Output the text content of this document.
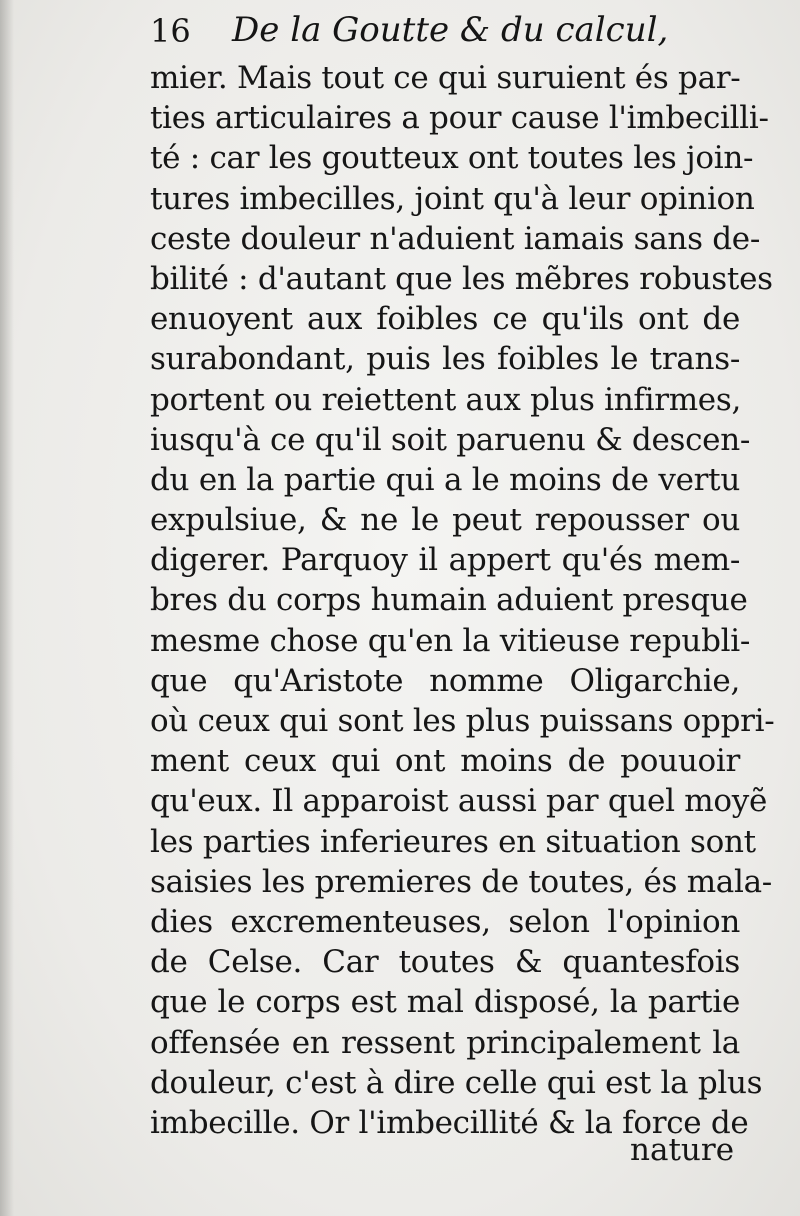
16 De la Goutte & du calcul,
mier. Mais tout ce qui suruient és par-
ties articulaires a pour cause l'imbecilli-
té : car les goutteux ont toutes les join-
tures imbecilles, joint qu'à leur opinion
ceste douleur n'aduient iamais sans de-
bilité : d'autant que les mẽbres robustes
enuoyent aux foibles ce qu'ils ont de
surabondant, puis les foibles le trans-
portent ou reiettent aux plus infirmes,
iusqu'à ce qu'il soit paruenu & descen-
du en la partie qui a le moins de vertu
expulsiue, & ne le peut repousser ou
digerer. Parquoy il appert qu'és mem-
bres du corps humain aduient presque
mesme chose qu'en la vitieuse republi-
que qu'Aristote nomme Oligarchie,
où ceux qui sont les plus puissans oppri-
ment ceux qui ont moins de pouuoir
qu'eux. Il apparoist aussi par quel moyẽ
les parties inferieures en situation sont
saisies les premieres de toutes, és mala-
dies excrementeuses, selon l'opinion
de Celse. Car toutes & quantesfois
que le corps est mal disposé, la partie
offensée en ressent principalement la
douleur, c'est à dire celle qui est la plus
imbecille. Or l'imbecillité & la force de
nature
